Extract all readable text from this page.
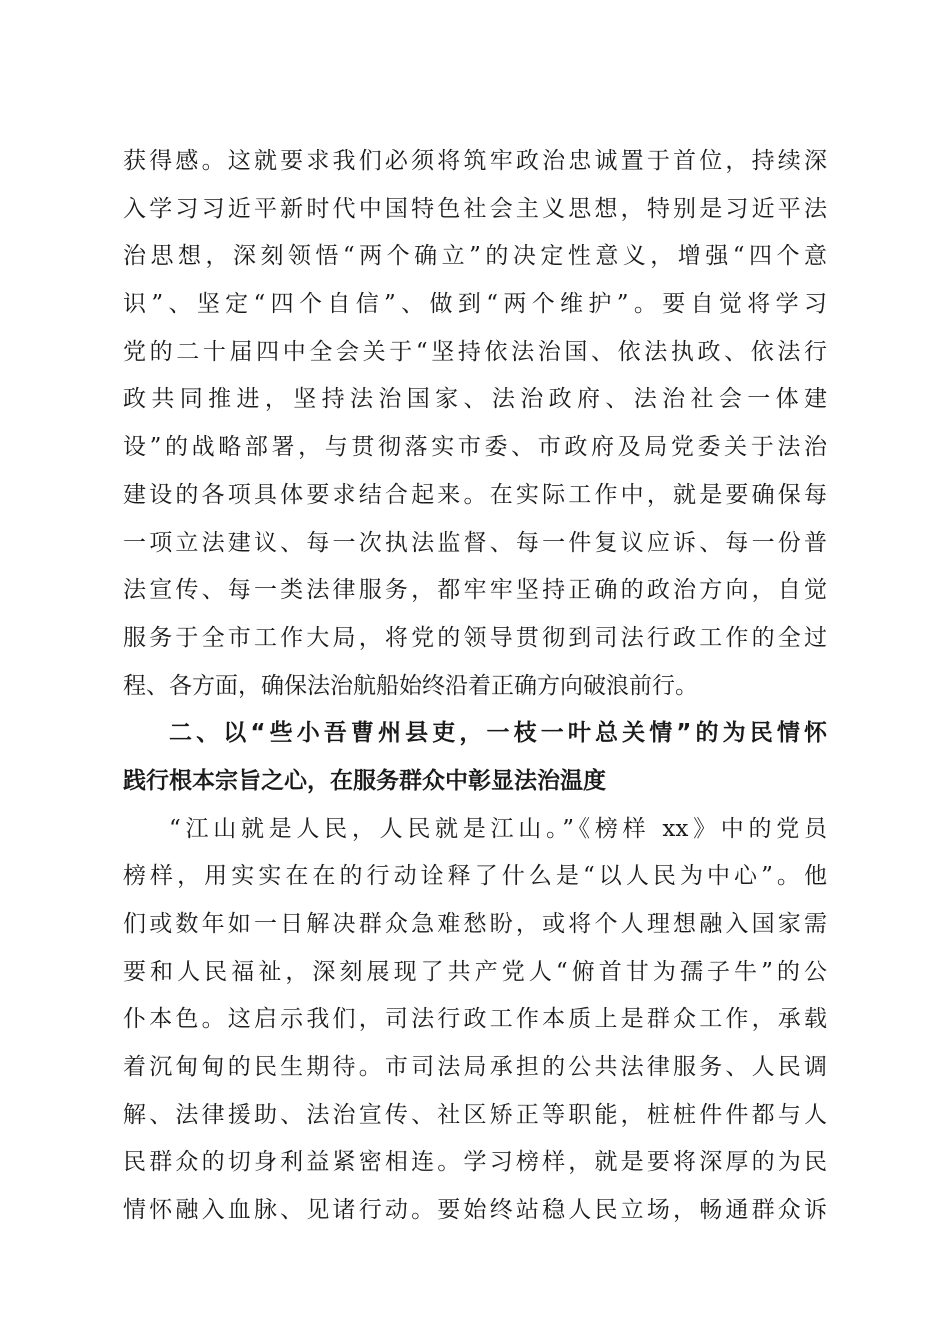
获得感。这就要求我们必须将筑牢政治忠诚置于首位，持续深
入学习习近平新时代中国特色社会主义思想，特别是习近平法
治思想，深刻领悟“两个确立”的决定性意义，增强“四个意
识”、坚定“四个自信”、做到“两个维护”。要自觉将学习
党的二十届四中全会关于“坚持依法治国、依法执政、依法行
政共同推进，坚持法治国家、法治政府、法治社会一体建
设”的战略部署，与贯彻落实市委、市政府及局党委关于法治
建设的各项具体要求结合起来。在实际工作中，就是要确保每
一项立法建议、每一次执法监督、每一件复议应诉、每一份普
法宣传、每一类法律服务，都牢牢坚持正确的政治方向，自觉
服务于全市工作大局，将党的领导贯彻到司法行政工作的全过
程、各方面，确保法治航船始终沿着正确方向破浪前行。
二、以“些小吾曹州县吏，一枝一叶总关情”的为民情怀
践行根本宗旨之心，在服务群众中彰显法治温度
“江山就是人民，人民就是江山。”《榜样 xx》中的党员
榜样，用实实在在的行动诠释了什么是“以人民为中心”。他
们或数年如一日解决群众急难愁盼，或将个人理想融入国家需
要和人民福祉，深刻展现了共产党人“俯首甘为孺子牛”的公
仆本色。这启示我们，司法行政工作本质上是群众工作，承载
着沉甸甸的民生期待。市司法局承担的公共法律服务、人民调
解、法律援助、法治宣传、社区矫正等职能，桩桩件件都与人
民群众的切身利益紧密相连。学习榜样，就是要将深厚的为民
情怀融入血脉、见诸行动。要始终站稳人民立场，畅通群众诉
